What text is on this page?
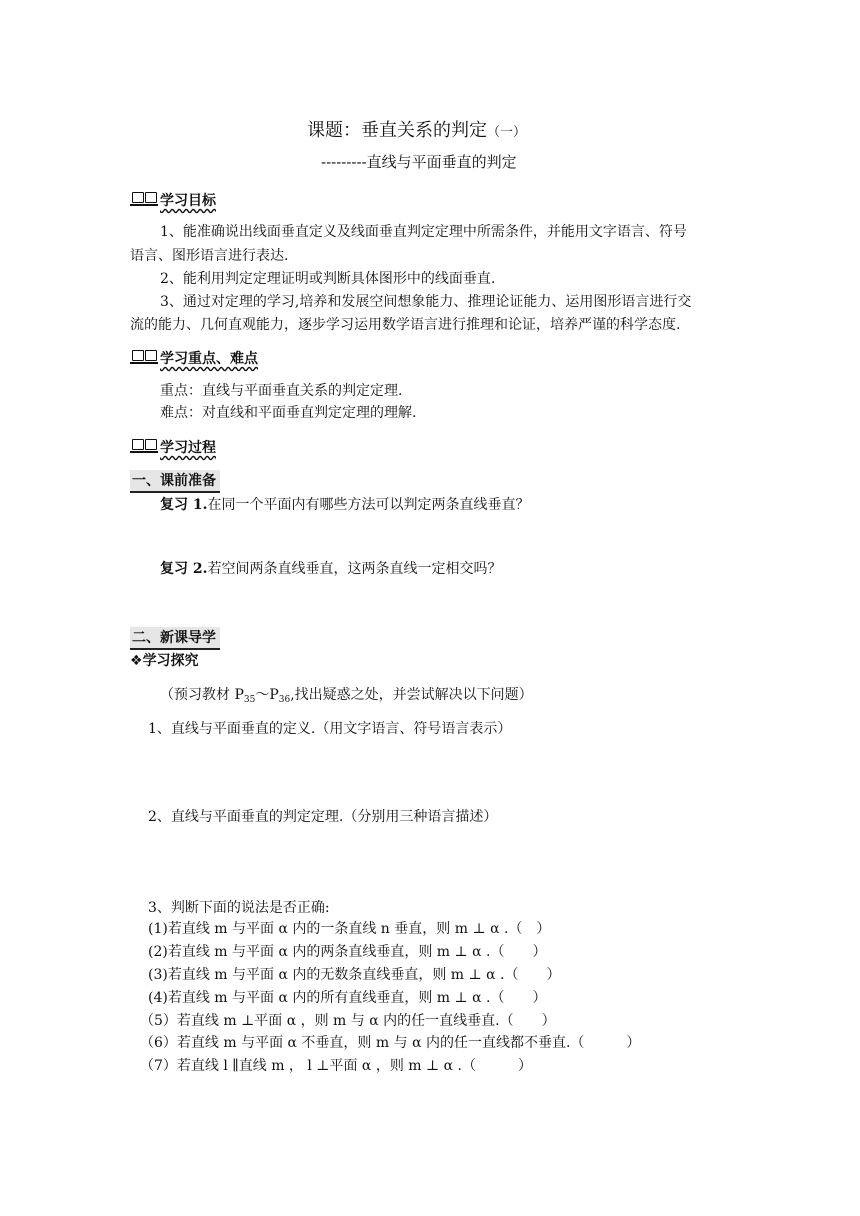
课题：垂直关系的判定（一）
---------直线与平面垂直的判定
学习目标
1、能准确说出线面垂直定义及线面垂直判定定理中所需条件，并能用文字语言、符号
语言、图形语言进行表达.
2、能利用判定定理证明或判断具体图形中的线面垂直.
3、通过对定理的学习,培养和发展空间想象能力、推理论证能力、运用图形语言进行交
流的能力、几何直观能力，逐步学习运用数学语言进行推理和论证，培养严谨的科学态度.
学习重点、难点
重点：直线与平面垂直关系的判定定理.
难点：对直线和平面垂直判定定理的理解.
学习过程
一、课前准备
复习 1.在同一个平面内有哪些方法可以判定两条直线垂直？
复习 2.若空间两条直线垂直，这两条直线一定相交吗？
二、新课导学
❖学习探究
（预习教材 $P_{35}\sim P_{36}$,找出疑惑之处，并尝试解决以下问题）
1、直线与平面垂直的定义.（用文字语言、符号语言表示）
2、直线与平面垂直的判定定理.（分别用三种语言描述）
3、判断下面的说法是否正确:
(1)若直线 m 与平面 α 内的一条直线 n 垂直，则 m ⊥ α .（　）
(2)若直线 m 与平面 α 内的两条直线垂直，则 m ⊥ α .（　　）
(3)若直线 m 与平面 α 内的无数条直线垂直，则 m ⊥ α .（　　）
(4)若直线 m 与平面 α 内的所有直线垂直，则 m ⊥ α .（　　）
（5）若直线 m ⊥平面 α ，则 m 与 α 内的任一直线垂直.（　　）
（6）若直线 m 与平面 α 不垂直，则 m 与 α 内的任一直线都不垂直.（　　　）
（7）若直线 l ∥直线 m ， l ⊥平面 α ，则 m ⊥ α .（　　　）
